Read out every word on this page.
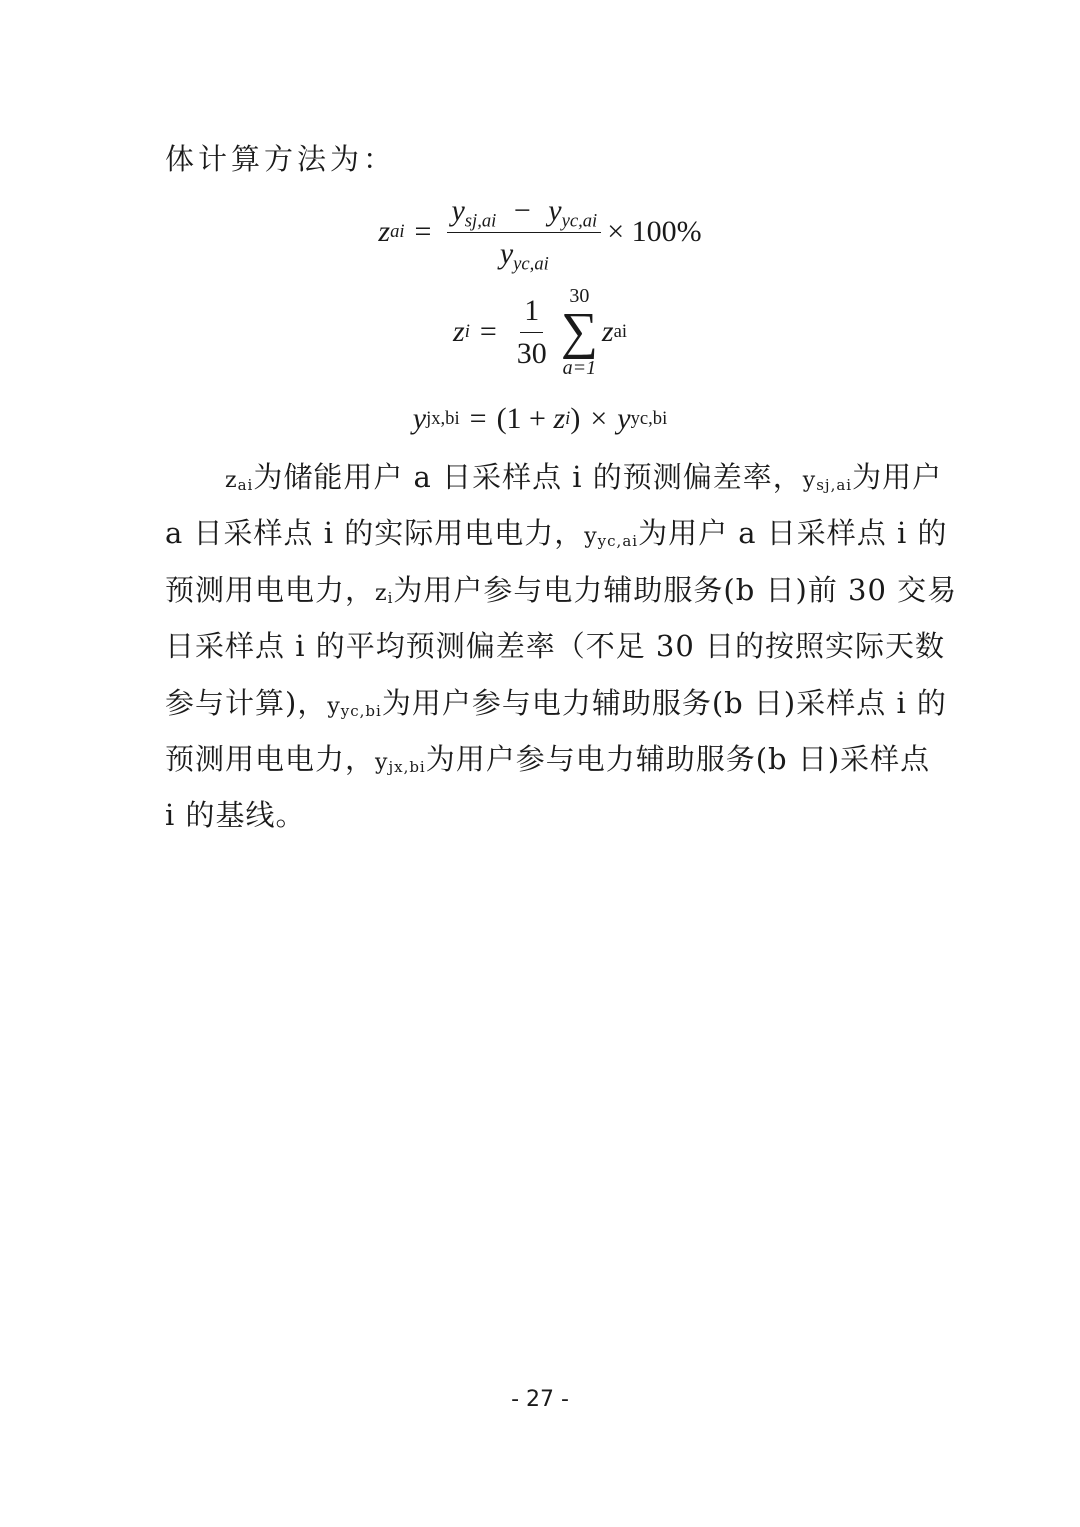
体计算方法为：
z ai = $\frac{y_{sj,ai} - y_{yc,ai}}{y_{yc,ai}} \times 100\%$
z $i = \frac{1}{30} 30$
∑
a=1
z ai
y jx,bi = (1 +
z i ) × y yc,bi
zai 为储能用户 a 日采样点 i 的预测偏差率， ysj,ai 为用户
a 日采样点 i 的实际用电电力， yyc,ai 为用户 a 日采样点 i 的
预测用电电力， zi 为用户参与电力辅助服务(b 日)前 30 交易
日采样点 i 的平均预测偏差率（不足 30 日的按照实际天数
参与计算)， yyc,bi 为用户参与电力辅助服务(b 日)采样点 i 的
预测用电电力， yjx,bi 为用户参与电力辅助服务(b 日)采样点
i 的基线。
- 27 -
